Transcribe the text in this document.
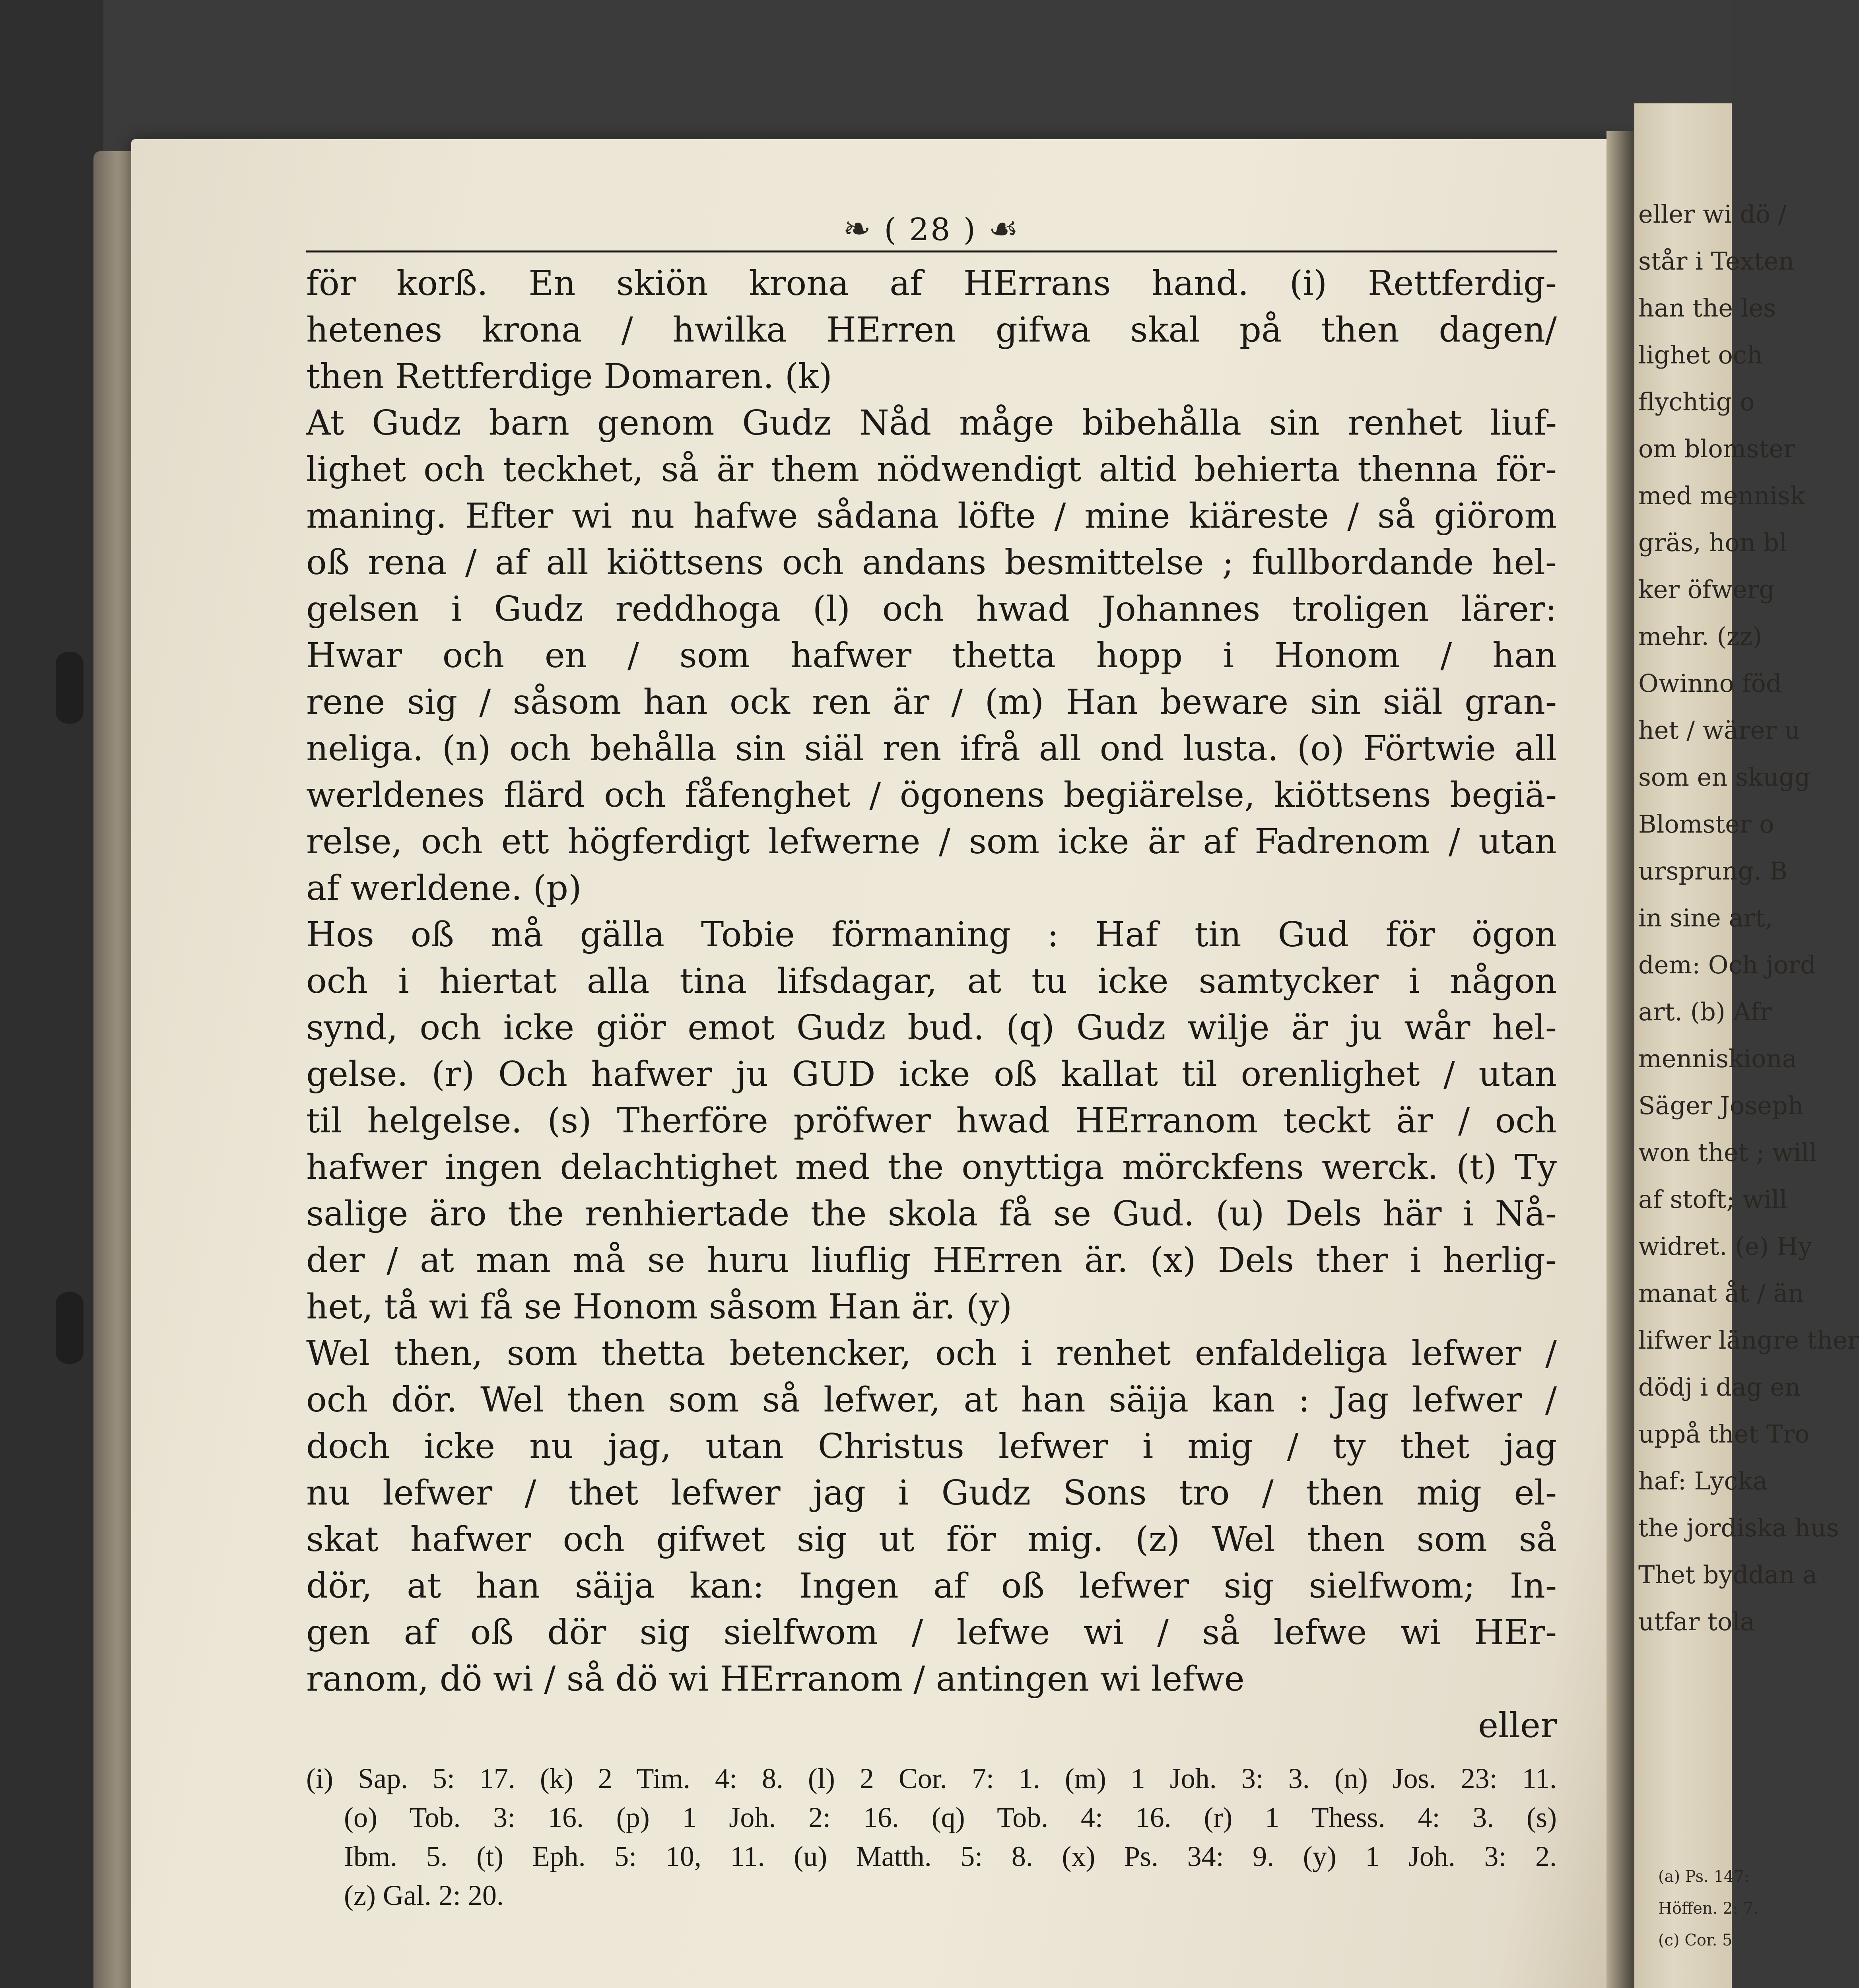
eller wi dö /
står i Texten
han the les
lighet och
flychtig o
om blomster
med mennisk
gräs, hon bl
ker öfwerg
mehr. (zz)
Owinno föd
het / wärer u
som en skugg
Blomster o
ursprung. B
in sine art,
dem: Och jord
art. (b) Afr
menniskiona
Säger Joseph
won thet ; will
af stoft; will
widret. (e) Hy
manat åt / än
lifwer längre ther
dödj i dag en
uppå thet Tro
haf: Lycka
the jordiska hus
Thet byddan a
utfar tola
(a) Ps. 147:
Höffen. 2: 7.
(c) Cor. 5
❧ ( 28 ) ☙
för korß. En skiön krona af HErrans hand. (i) Rettferdig-
hetenes krona / hwilka HErren gifwa skal på then dagen/
then Rettferdige Domaren. (k)
At Gudz barn genom Gudz Nåd måge bibehålla sin renhet liuf-
lighet och teckhet, så är them nödwendigt altid behierta thenna för-
maning. Efter wi nu hafwe sådana löfte / mine kiäreste / så giörom
oß rena / af all kiöttsens och andans besmittelse ; fullbordande hel-
gelsen i Gudz reddhoga (l) och hwad Johannes troligen lärer:
Hwar och en / som hafwer thetta hopp i Honom / han
rene sig / såsom han ock ren är / (m) Han beware sin siäl gran-
neliga. (n) och behålla sin siäl ren ifrå all ond lusta. (o) Förtwie all
werldenes flärd och fåfenghet / ögonens begiärelse, kiöttsens begiä-
relse, och ett högferdigt lefwerne / som icke är af Fadrenom / utan
af werldene. (p)
Hos oß må gälla Tobie förmaning : Haf tin Gud för ögon
och i hiertat alla tina lifsdagar, at tu icke samtycker i någon
synd, och icke giör emot Gudz bud. (q) Gudz wilje är ju wår hel-
gelse. (r) Och hafwer ju GUD icke oß kallat til orenlighet / utan
til helgelse. (s) Therföre pröfwer hwad HErranom teckt är / och
hafwer ingen delachtighet med the onyttiga mörckfens werck. (t) Ty
salige äro the renhiertade the skola få se Gud. (u) Dels här i Nå-
der / at man må se huru liuflig HErren är. (x) Dels ther i herlig-
het, tå wi få se Honom såsom Han är. (y)
Wel then, som thetta betencker, och i renhet enfaldeliga lefwer /
och dör. Wel then som så lefwer, at han säija kan : Jag lefwer /
doch icke nu jag, utan Christus lefwer i mig / ty thet jag
nu lefwer / thet lefwer jag i Gudz Sons tro / then mig el-
skat hafwer och gifwet sig ut för mig. (z) Wel then som så
dör, at han säija kan: Ingen af oß lefwer sig sielfwom; In-
gen af oß dör sig sielfwom / lefwe wi / så lefwe wi HEr-
ranom, dö wi / så dö wi HErranom / antingen wi lefwe
eller
(i) Sap. 5: 17. (k) 2 Tim. 4: 8. (l) 2 Cor. 7: 1. (m) 1 Joh. 3: 3. (n) Jos. 23: 11.
(o) Tob. 3: 16. (p) 1 Joh. 2: 16. (q) Tob. 4: 16. (r) 1 Thess. 4: 3. (s)
Ibm. 5. (t) Eph. 5: 10, 11. (u) Matth. 5: 8. (x) Ps. 34: 9. (y) 1 Joh. 3: 2.
(z) Gal. 2: 20.
